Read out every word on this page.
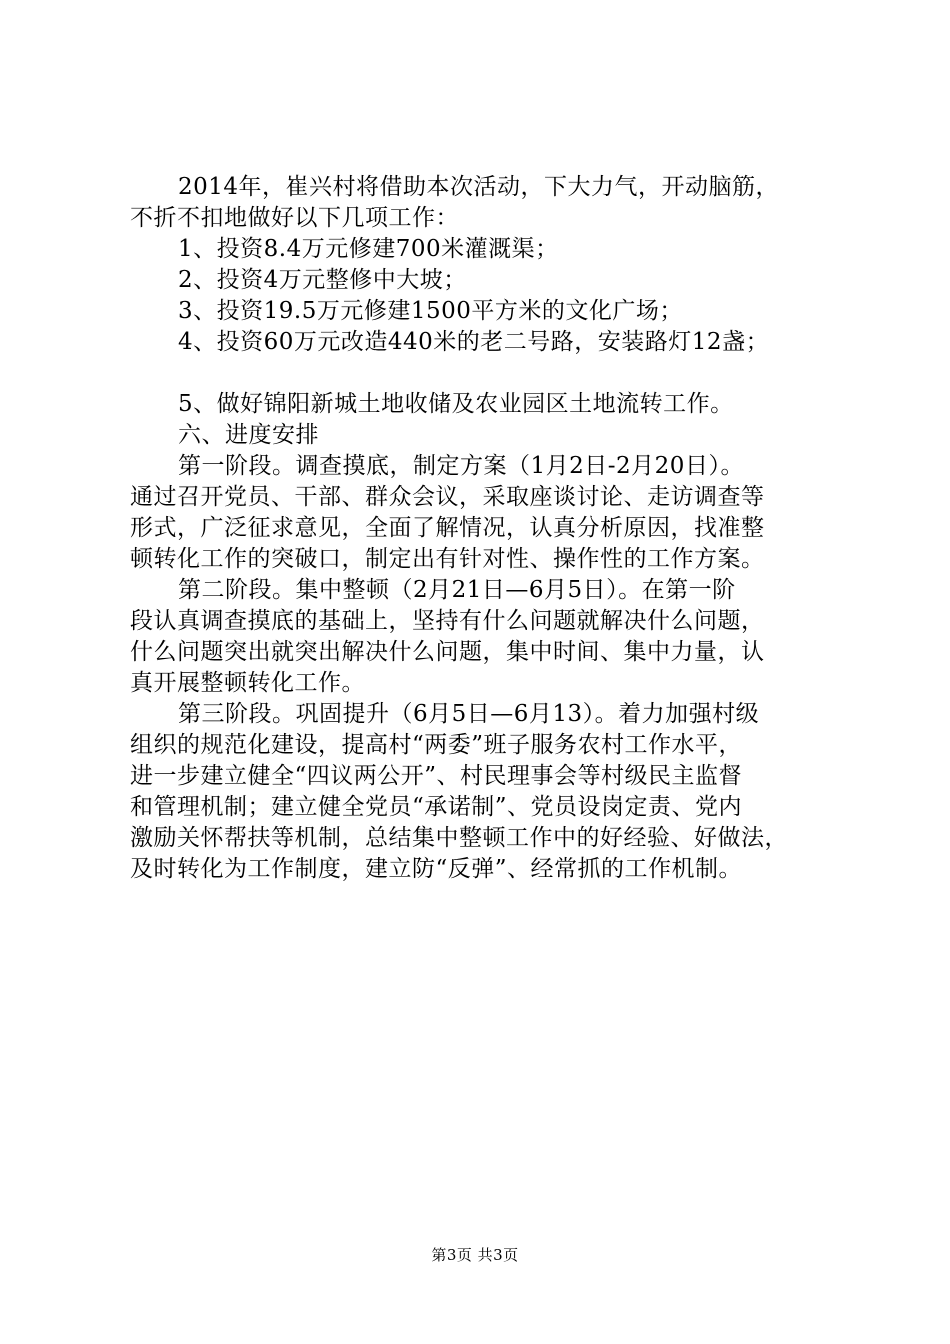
2014年，崔兴村将借助本次活动，下大力气，开动脑筋，
不折不扣地做好以下几项工作：

1、投资8.4万元修建700米灌溉渠；

2、投资4万元整修中大坡；

3、投资19.5万元修建1500平方米的文化广场；

4、投资60万元改造440米的老二号路，安装路灯12盏；

5、做好锦阳新城土地收储及农业园区土地流转工作。

六、进度安排

第一阶段。调查摸底，制定方案（1月2日-2月20日）。
通过召开党员、干部、群众会议，采取座谈讨论、走访调查等
形式，广泛征求意见，全面了解情况，认真分析原因，找准整
顿转化工作的突破口，制定出有针对性、操作性的工作方案。

第二阶段。集中整顿（2月21日—6月5日）。在第一阶
段认真调查摸底的基础上，坚持有什么问题就解决什么问题，
什么问题突出就突出解决什么问题，集中时间、集中力量，认
真开展整顿转化工作。

第三阶段。巩固提升（6月5日—6月13）。着力加强村级
组织的规范化建设，提高村“两委”班子服务农村工作水平，
进一步建立健全“四议两公开”、村民理事会等村级民主监督
和管理机制；建立健全党员“承诺制”、党员设岗定责、党内
激励关怀帮扶等机制，总结集中整顿工作中的好经验、好做法，
及时转化为工作制度，建立防“反弹”、经常抓的工作机制。

第3页 共3页
